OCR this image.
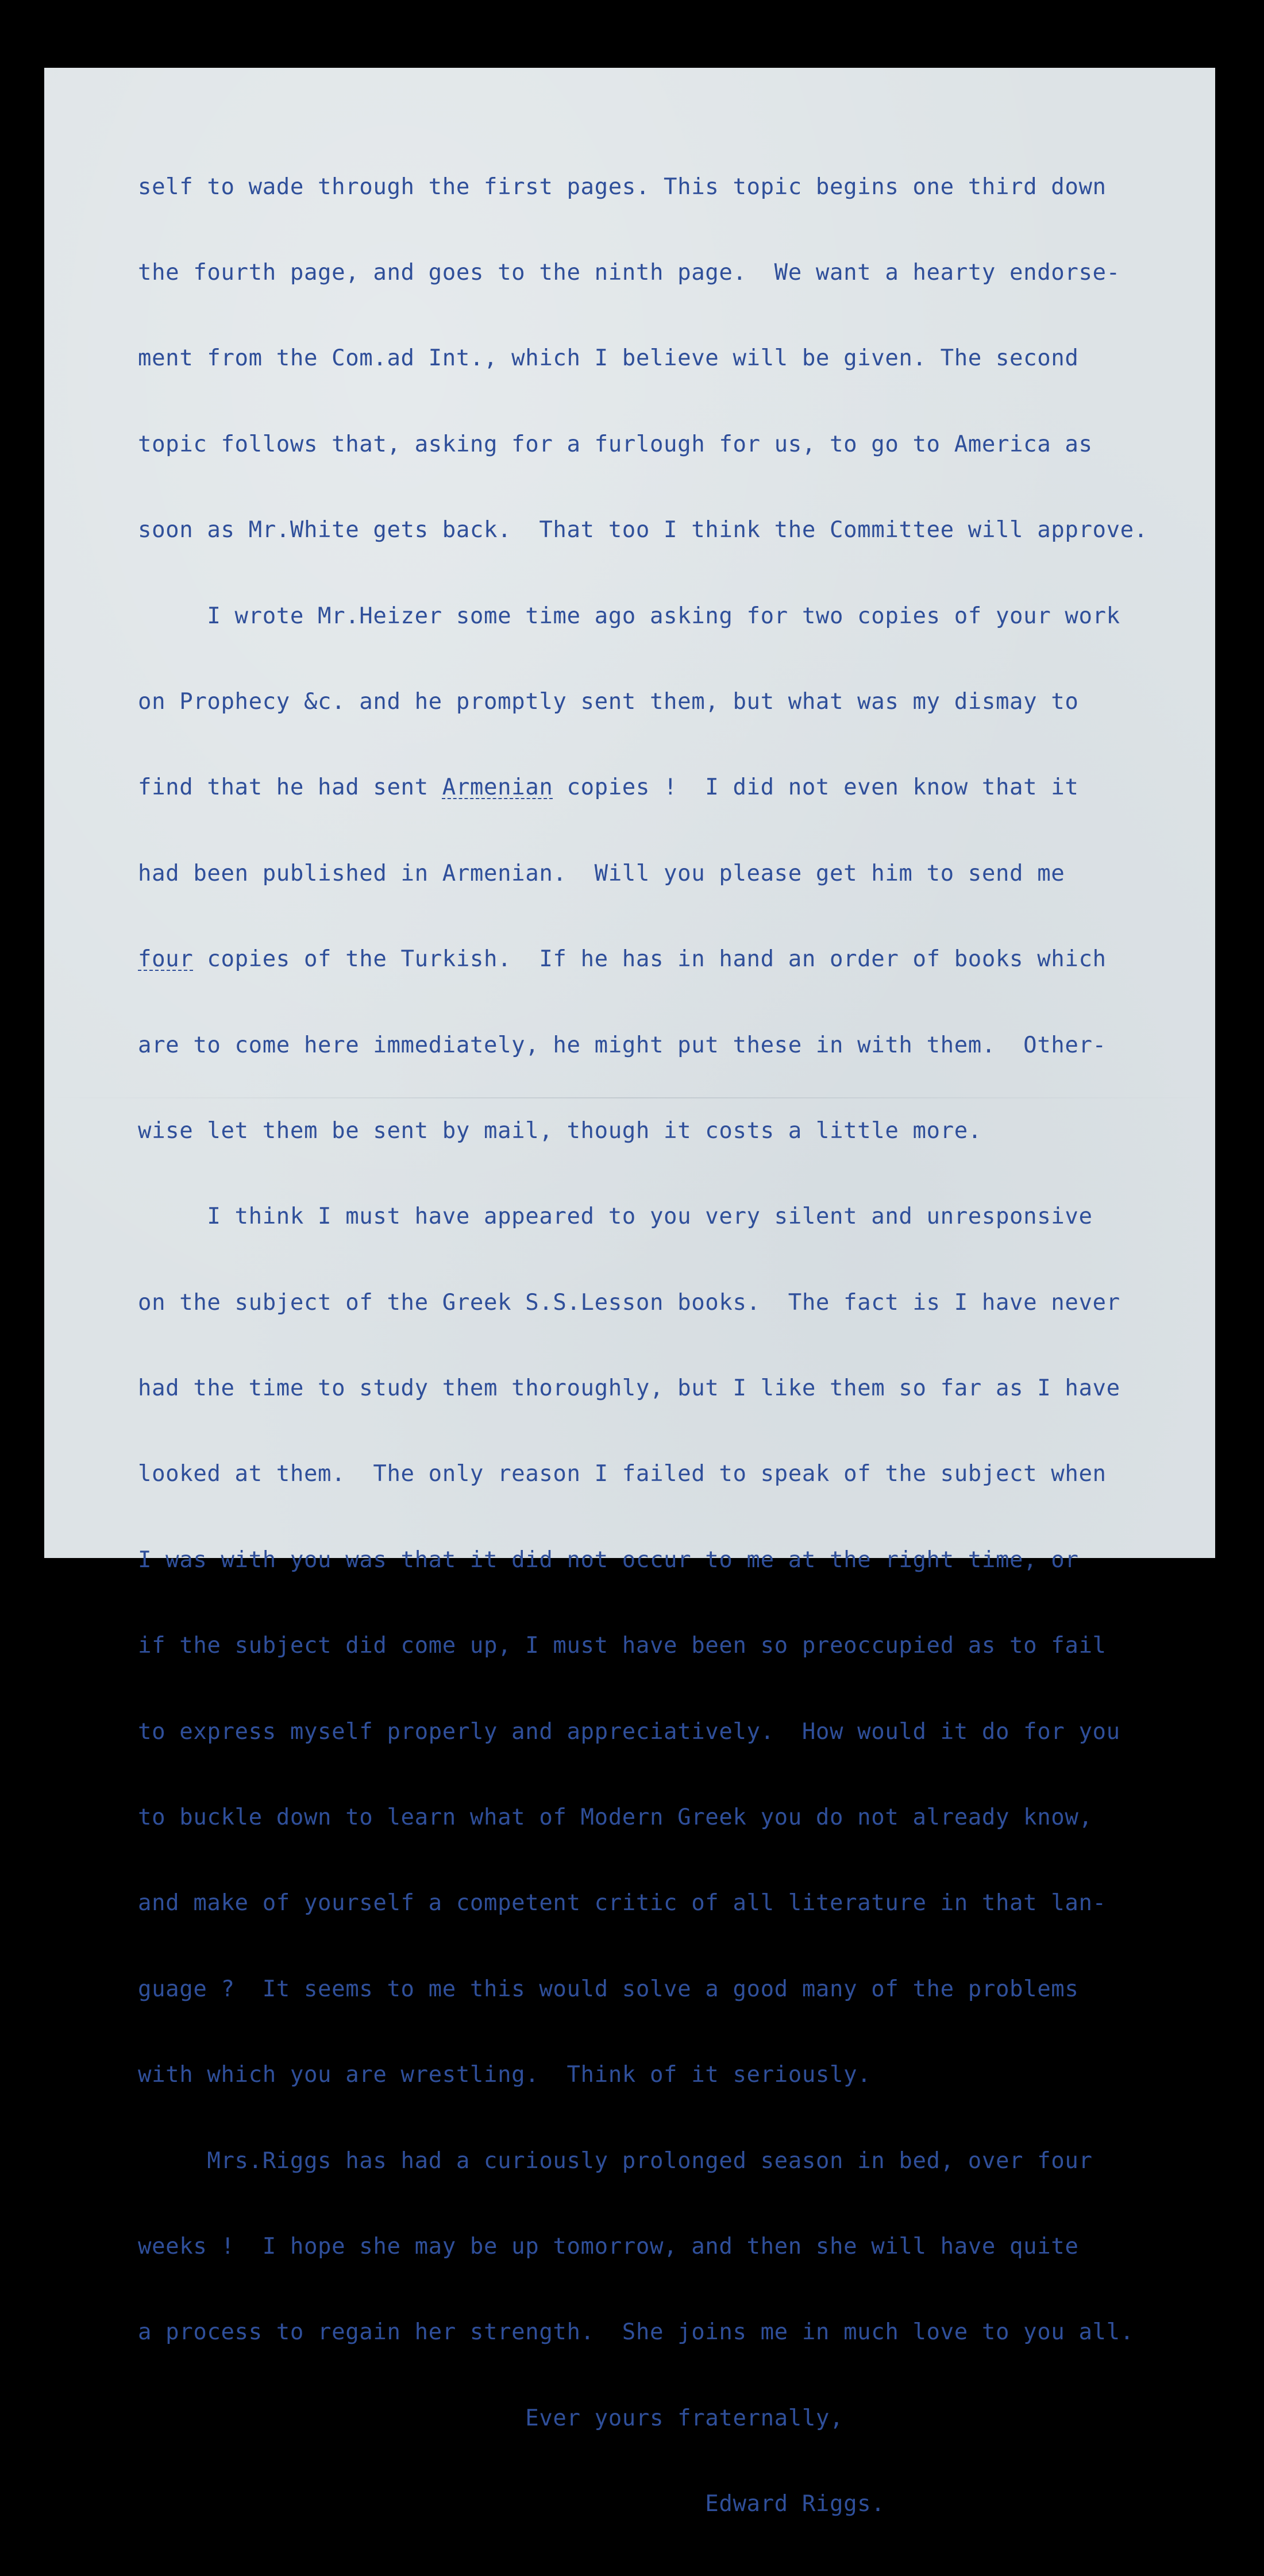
self to wade through the first pages. This topic begins one third down

the fourth page, and goes to the ninth page.  We want a hearty endorse-

ment from the Com.ad Int., which I believe will be given. The second

topic follows that, asking for a furlough for us, to go to America as

soon as Mr.White gets back.  That too I think the Committee will approve.

I wrote Mr.Heizer some time ago asking for two copies of your work

on Prophecy &c. and he promptly sent them, but what was my dismay to

find that he had sent Armenian copies !  I did not even know that it

had been published in Armenian.  Will you please get him to send me

four copies of the Turkish.  If he has in hand an order of books which

are to come here immediately, he might put these in with them.  Other-

wise let them be sent by mail, though it costs a little more.

I think I must have appeared to you very silent and unresponsive

on the subject of the Greek S.S.Lesson books.  The fact is I have never

had the time to study them thoroughly, but I like them so far as I have

looked at them.  The only reason I failed to speak of the subject when

I was with you was that it did not occur to me at the right time, or

if the subject did come up, I must have been so preoccupied as to fail

to express myself properly and appreciatively.  How would it do for you

to buckle down to learn what of Modern Greek you do not already know,

and make of yourself a competent critic of all literature in that lan-

guage ?  It seems to me this would solve a good many of the problems

with which you are wrestling.  Think of it seriously.

Mrs.Riggs has had a curiously prolonged season in bed, over four

weeks !  I hope she may be up tomorrow, and then she will have quite

a process to regain her strength.  She joins me in much love to you all.

Ever yours fraternally,

Edward Riggs.
